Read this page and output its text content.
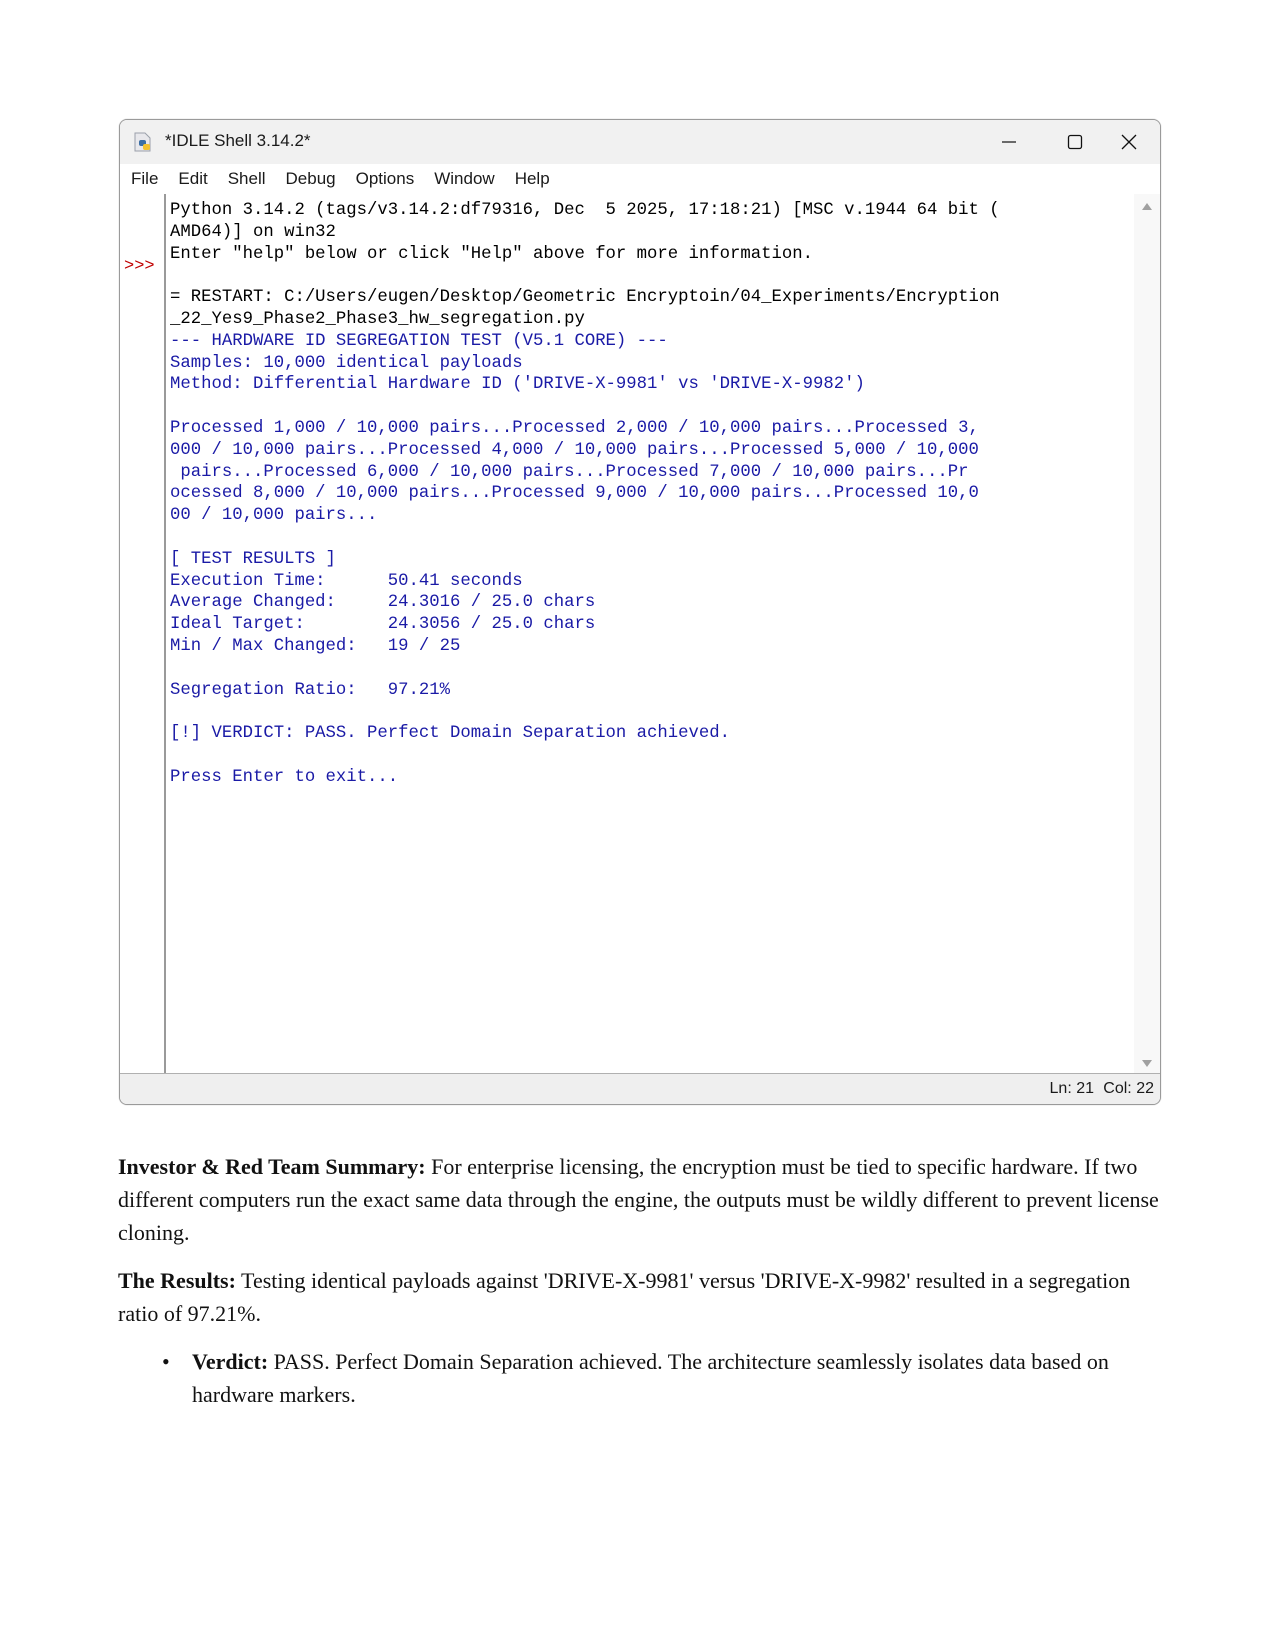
*IDLE Shell 3.14.2*
File Edit Shell Debug Options Window Help
>>>
Python 3.14.2 (tags/v3.14.2:df79316, Dec  5 2025, 17:18:21) [MSC v.1944 64 bit (
AMD64)] on win32
Enter "help" below or click "Help" above for more information.
= RESTART: C:/Users/eugen/Desktop/Geometric Encryptoin/04_Experiments/Encryption
_22_Yes9_Phase2_Phase3_hw_segregation.py
--- HARDWARE ID SEGREGATION TEST (V5.1 CORE) ---
Samples: 10,000 identical payloads
Method: Differential Hardware ID ('DRIVE-X-9981' vs 'DRIVE-X-9982')
Processed 1,000 / 10,000 pairs...Processed 2,000 / 10,000 pairs...Processed 3,
000 / 10,000 pairs...Processed 4,000 / 10,000 pairs...Processed 5,000 / 10,000
pairs...Processed 6,000 / 10,000 pairs...Processed 7,000 / 10,000 pairs...Pr
ocessed 8,000 / 10,000 pairs...Processed 9,000 / 10,000 pairs...Processed 10,0
00 / 10,000 pairs...
[ TEST RESULTS ]
Execution Time:      50.41 seconds
Average Changed:     24.3016 / 25.0 chars
Ideal Target:        24.3056 / 25.0 chars
Min / Max Changed:   19 / 25
Segregation Ratio:   97.21%
[!] VERDICT: PASS. Perfect Domain Separation achieved.
Press Enter to exit...
Ln: 21 Col: 22

Investor & Red Team Summary: For enterprise licensing, the encryption must be tied to specific hardware. If two different computers run the exact same data through the engine, the outputs must be wildly different to prevent license cloning.

The Results: Testing identical payloads against 'DRIVE-X-9981' versus 'DRIVE-X-9982' resulted in a segregation ratio of 97.21%.

• Verdict: PASS. Perfect Domain Separation achieved. The architecture seamlessly isolates data based on hardware markers.
